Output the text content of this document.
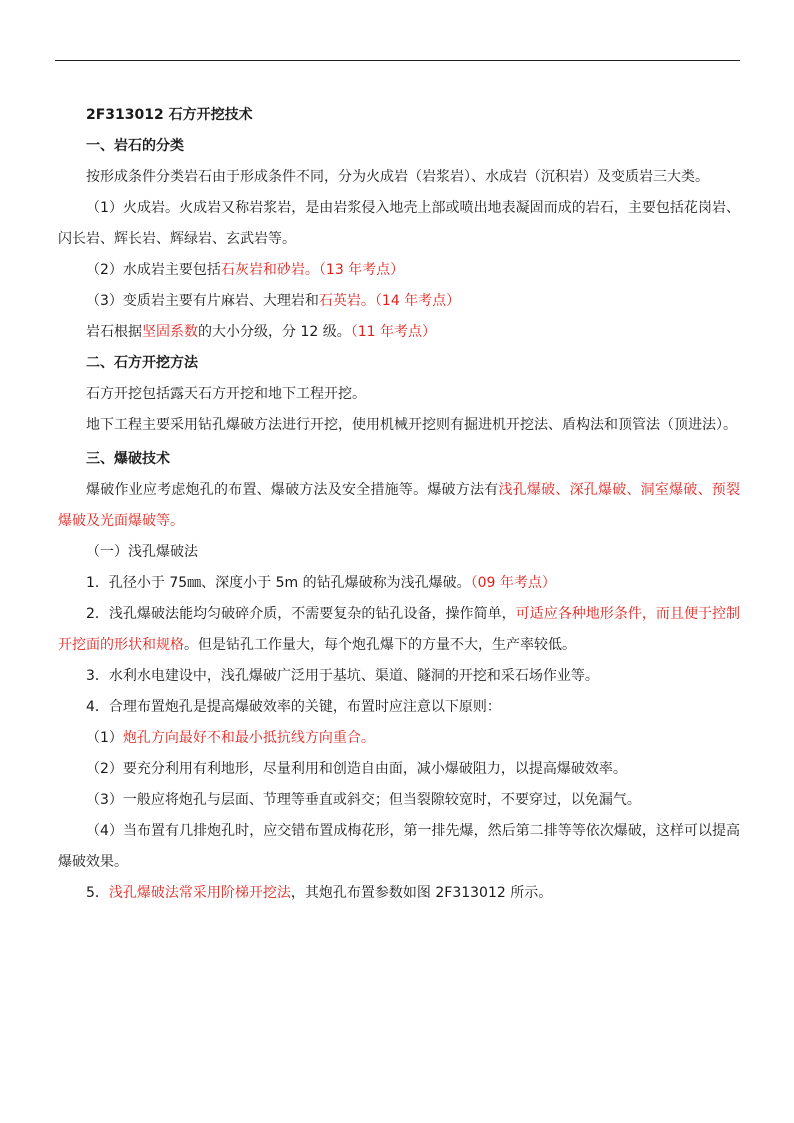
2F313012 石方开挖技术

一、岩石的分类

按形成条件分类岩石由于形成条件不同，分为火成岩（岩浆岩）、水成岩（沉积岩）及变质岩三大类。

（1）火成岩。火成岩又称岩浆岩，是由岩浆侵入地壳上部或喷出地表凝固而成的岩石，主要包括花岗岩、闪长岩、辉长岩、辉绿岩、玄武岩等。

（2）水成岩主要包括石灰岩和砂岩。（13 年考点）

（3）变质岩主要有片麻岩、大理岩和石英岩。（14 年考点）

岩石根据坚固系数的大小分级，分 12 级。（11 年考点）

二、石方开挖方法

石方开挖包括露天石方开挖和地下工程开挖。

地下工程主要采用钻孔爆破方法进行开挖，使用机械开挖则有掘进机开挖法、盾构法和顶管法（顶进法）。

三、爆破技术

爆破作业应考虑炮孔的布置、爆破方法及安全措施等。爆破方法有浅孔爆破、深孔爆破、洞室爆破、预裂爆破及光面爆破等。

（一）浅孔爆破法

1．孔径小于 75㎜、深度小于 5m 的钻孔爆破称为浅孔爆破。（09 年考点）

2．浅孔爆破法能均匀破碎介质，不需要复杂的钻孔设备，操作简单，可适应各种地形条件，而且便于控制开挖面的形状和规格。但是钻孔工作量大，每个炮孔爆下的方量不大，生产率较低。

3．水利水电建设中，浅孔爆破广泛用于基坑、渠道、隧洞的开挖和采石场作业等。

4．合理布置炮孔是提高爆破效率的关键，布置时应注意以下原则：

（1）炮孔方向最好不和最小抵抗线方向重合。

（2）要充分利用有利地形，尽量利用和创造自由面，减小爆破阻力，以提高爆破效率。

（3）一般应将炮孔与层面、节理等垂直或斜交；但当裂隙较宽时，不要穿过，以免漏气。

（4）当布置有几排炮孔时，应交错布置成梅花形，第一排先爆，然后第二排等等依次爆破，这样可以提高爆破效果。

5．浅孔爆破法常采用阶梯开挖法，其炮孔布置参数如图 2F313012 所示。
